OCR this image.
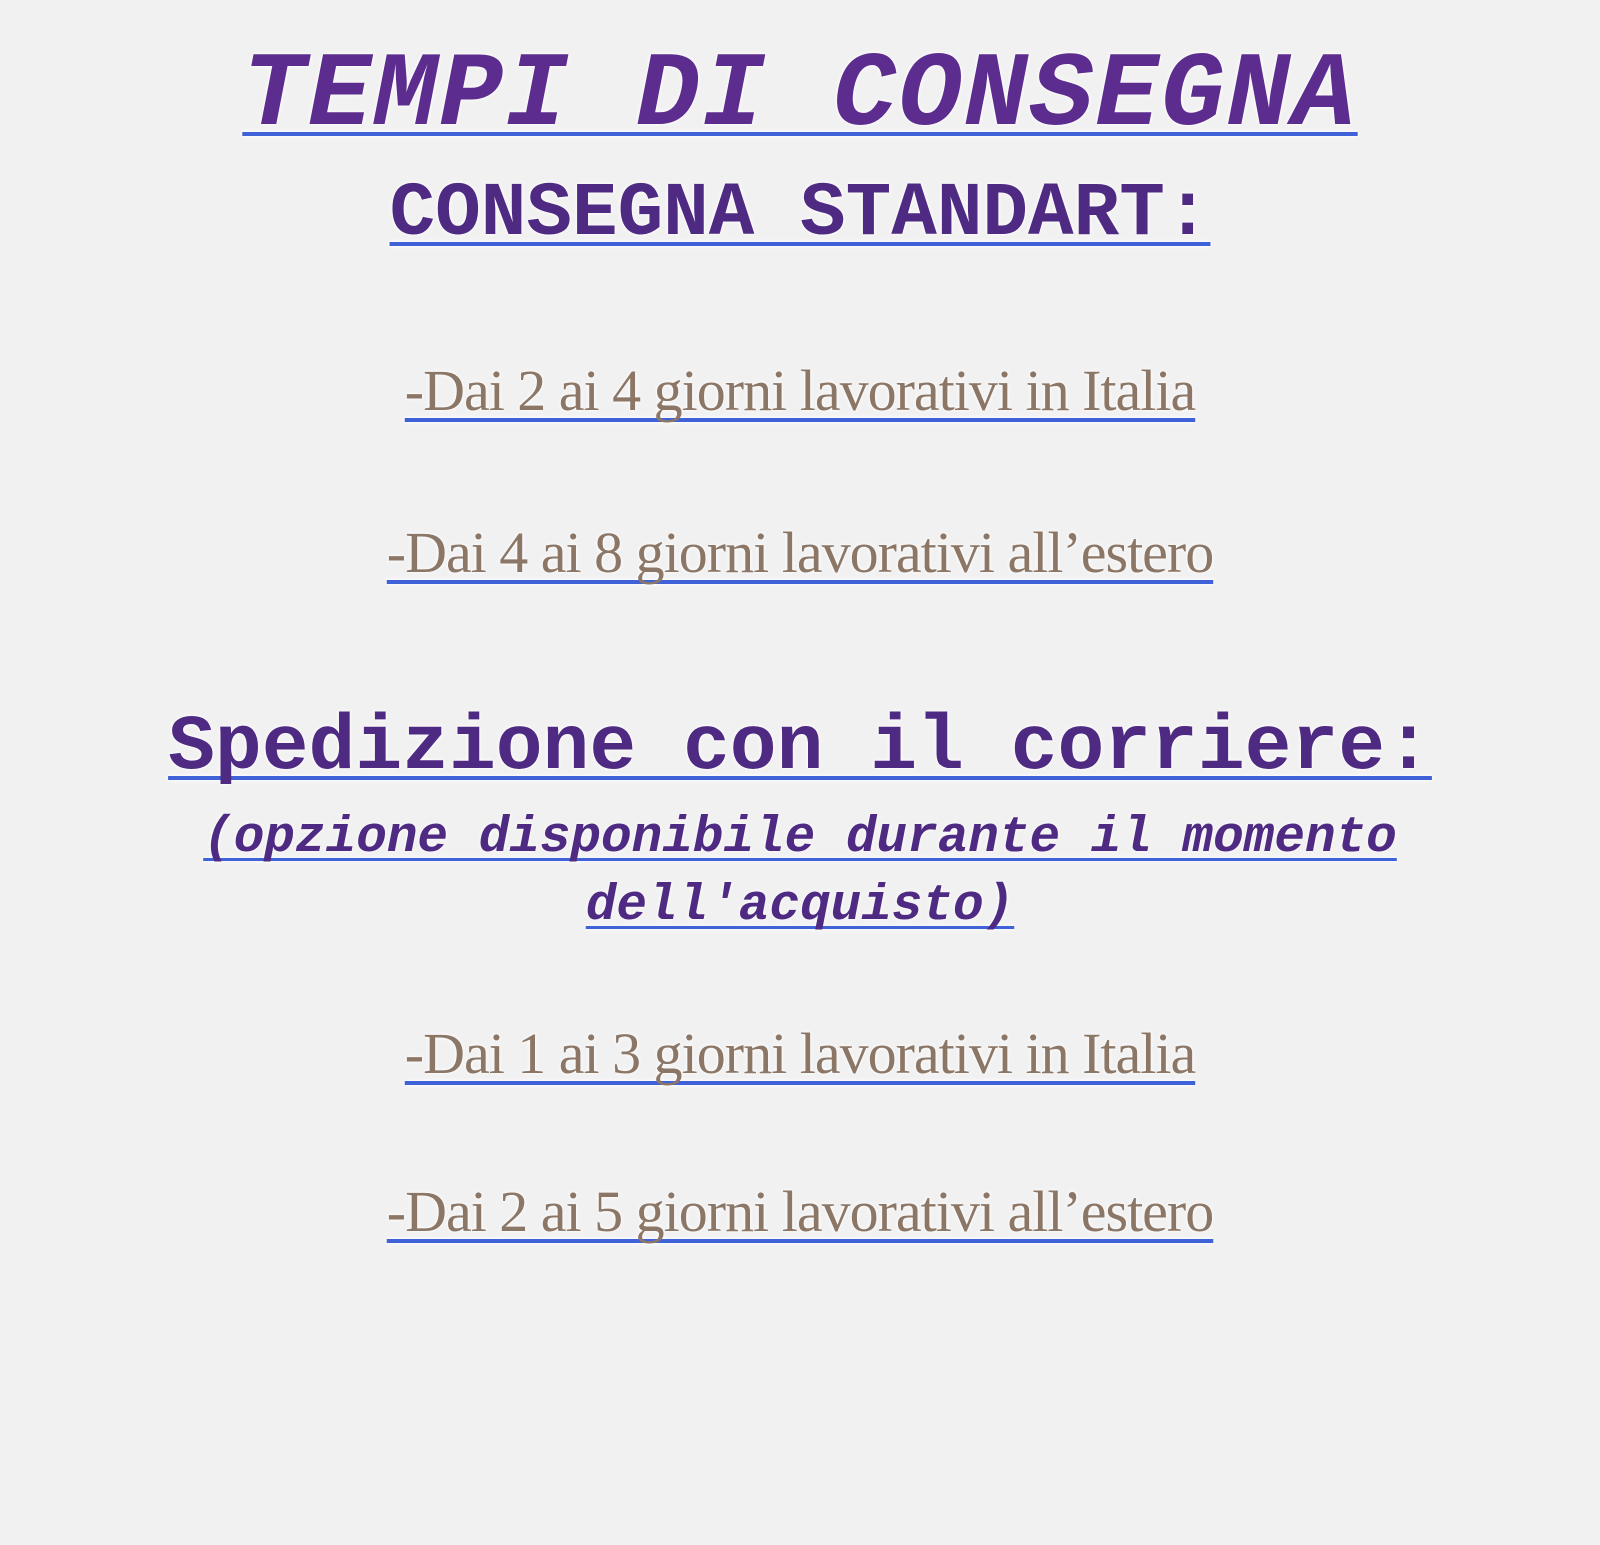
TEMPI DI CONSEGNA
CONSEGNA STANDART:
-Dai 2 ai 4 giorni lavorativi in Italia
-Dai 4 ai 8 giorni lavorativi all’estero
Spedizione con il corriere:
(opzione disponibile durante il momento
dell'acquisto)
-Dai 1 ai 3 giorni lavorativi in Italia
-Dai 2 ai 5 giorni lavorativi all’estero
